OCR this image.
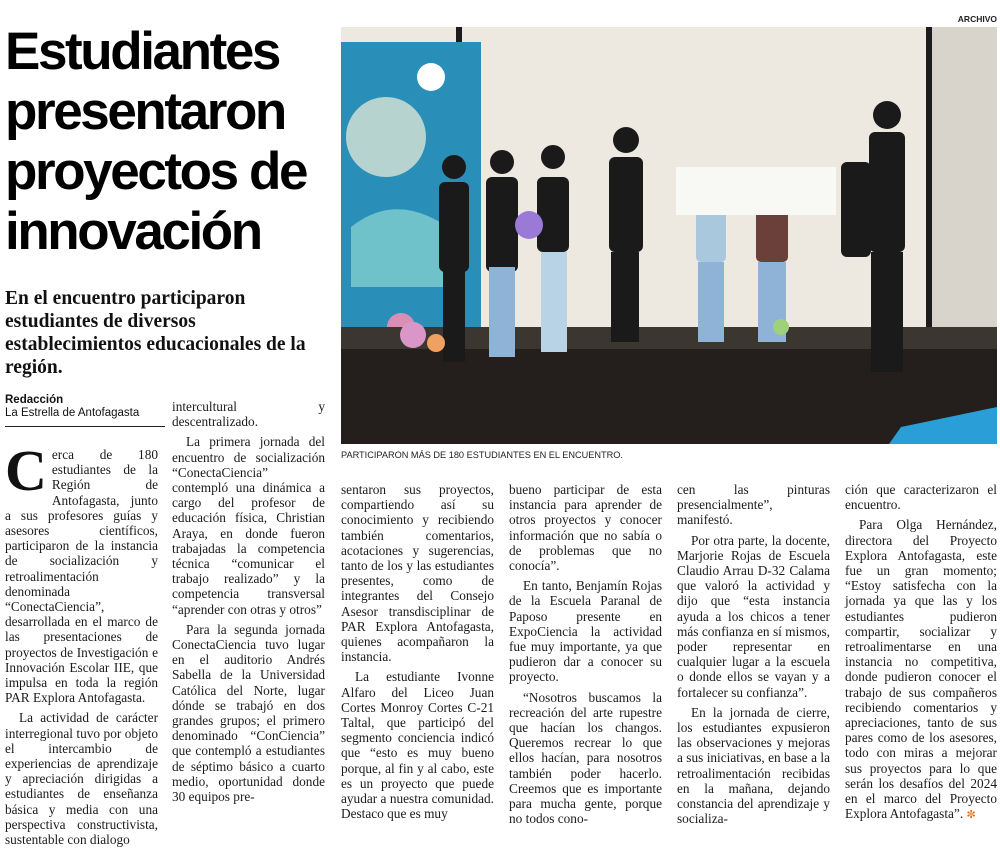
ARCHIVO
Estudiantes presentaron proyectos de innovación

En el encuentro participaron estudiantes de diversos establecimientos educacionales de la región.

Redacción
La Estrella de Antofagasta
PARTICIPARON MÁS DE 180 ESTUDIANTES EN EL ENCUENTRO.

Cerca de 180 estudiantes de la Región de Antofagasta, junto a sus profesores guías y asesores científicos, participaron de la instancia de socialización y retroalimentación denominada “ConectaCiencia”, desarrollada en el marco de las presentaciones de proyectos de Investigación e Innovación Escolar IIE, que impulsa en toda la región PAR Explora Antofagasta.

La actividad de carácter interregional tuvo por objeto el intercambio de experiencias de aprendizaje y apreciación dirigidas a estudiantes de enseñanza básica y media con una perspectiva constructivista, sustentable con dialogo

intercultural y descentralizado.

La primera jornada del encuentro de socialización “ConectaCiencia” contempló una dinámica a cargo del profesor de educación física, Christian Araya, en donde fueron trabajadas la competencia técnica “comunicar el trabajo realizado” y la competencia transversal “aprender con otras y otros”

Para la segunda jornada ConectaCiencia tuvo lugar en el auditorio Andrés Sabella de la Universidad Católica del Norte, lugar dónde se trabajó en dos grandes grupos; el primero denominado “ConCiencia” que contempló a estudiantes de séptimo básico a cuarto medio, oportunidad donde 30 equipos pre-

sentaron sus proyectos, compartiendo así su conocimiento y recibiendo también comentarios, acotaciones y sugerencias, tanto de los y las estudiantes presentes, como de integrantes del Consejo Asesor transdisciplinar de PAR Explora Antofagasta, quienes acompañaron la instancia.

La estudiante Ivonne Alfaro del Liceo Juan Cortes Monroy Cortes C-21 Taltal, que participó del segmento conciencia indicó que “esto es muy bueno porque, al fin y al cabo, este es un proyecto que puede ayudar a nuestra comunidad. Destaco que es muy

bueno participar de esta instancia para aprender de otros proyectos y conocer información que no sabía o de problemas que no conocía”.

En tanto, Benjamín Rojas de la Escuela Paranal de Paposo presente en ExpoCiencia la actividad fue muy importante, ya que pudieron dar a conocer su proyecto.

“Nosotros buscamos la recreación del arte rupestre que hacían los changos. Queremos recrear lo que ellos hacían, para nosotros también poder hacerlo. Creemos que es importante para mucha gente, porque no todos cono-

cen las pinturas presencialmente”, manifestó.

Por otra parte, la docente, Marjorie Rojas de Escuela Claudio Arrau D-32 Calama que valoró la actividad y dijo que “esta instancia ayuda a los chicos a tener más confianza en sí mismos, poder representar en cualquier lugar a la escuela o donde ellos se vayan y a fortalecer su confianza”.

En la jornada de cierre, los estudiantes expusieron las observaciones y mejoras a sus iniciativas, en base a la retroalimentación recibidas en la mañana, dejando constancia del aprendizaje y socializa-

ción que caracterizaron el encuentro.

Para Olga Hernández, directora del Proyecto Explora Antofagasta, este fue un gran momento; “Estoy satisfecha con la jornada ya que las y los estudiantes pudieron compartir, socializar y retroalimentarse en una instancia no competitiva, donde pudieron conocer el trabajo de sus compañeros recibiendo comentarios y apreciaciones, tanto de sus pares como de los asesores, todo con miras a mejorar sus proyectos para lo que serán los desafíos del 2024 en el marco del Proyecto Explora Antofagasta”. ✼
